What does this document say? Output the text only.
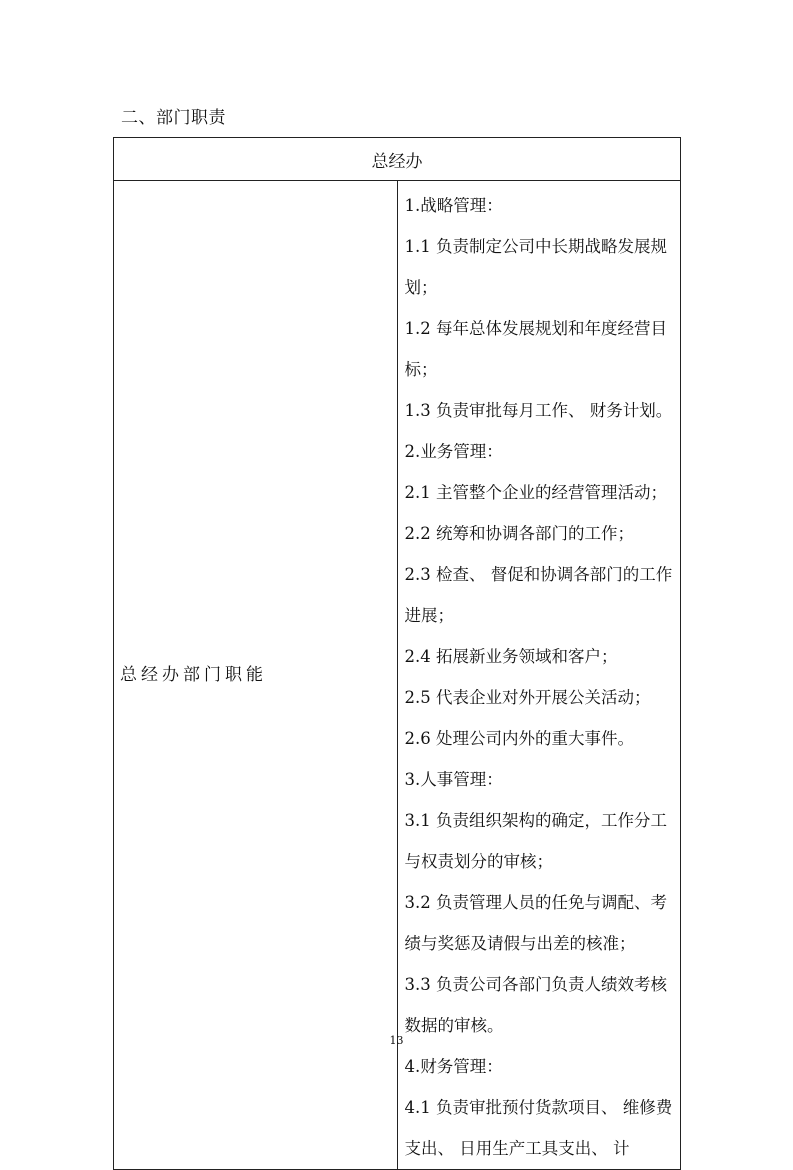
二、部门职责
总经办

总经办部门职能

1.战略管理：
1.1 负责制定公司中长期战略发展规划；
1.2 每年总体发展规划和年度经营目标；
1.3 负责审批每月工作、 财务计划。
2.业务管理：
2.1 主管整个企业的经营管理活动；
2.2 统筹和协调各部门的工作；
2.3 检查、 督促和协调各部门的工作进展；
2.4 拓展新业务领域和客户；
2.5 代表企业对外开展公关活动；
2.6 处理公司内外的重大事件。
3.人事管理：
3.1 负责组织架构的确定，工作分工与权责划分的审核；
3.2 负责管理人员的任免与调配、考绩与奖惩及请假与出差的核准；
3.3 负责公司各部门负责人绩效考核数据的审核。
4.财务管理：
4.1 负责审批预付货款项目、 维修费支出、 日用生产工具支出、 计
13
